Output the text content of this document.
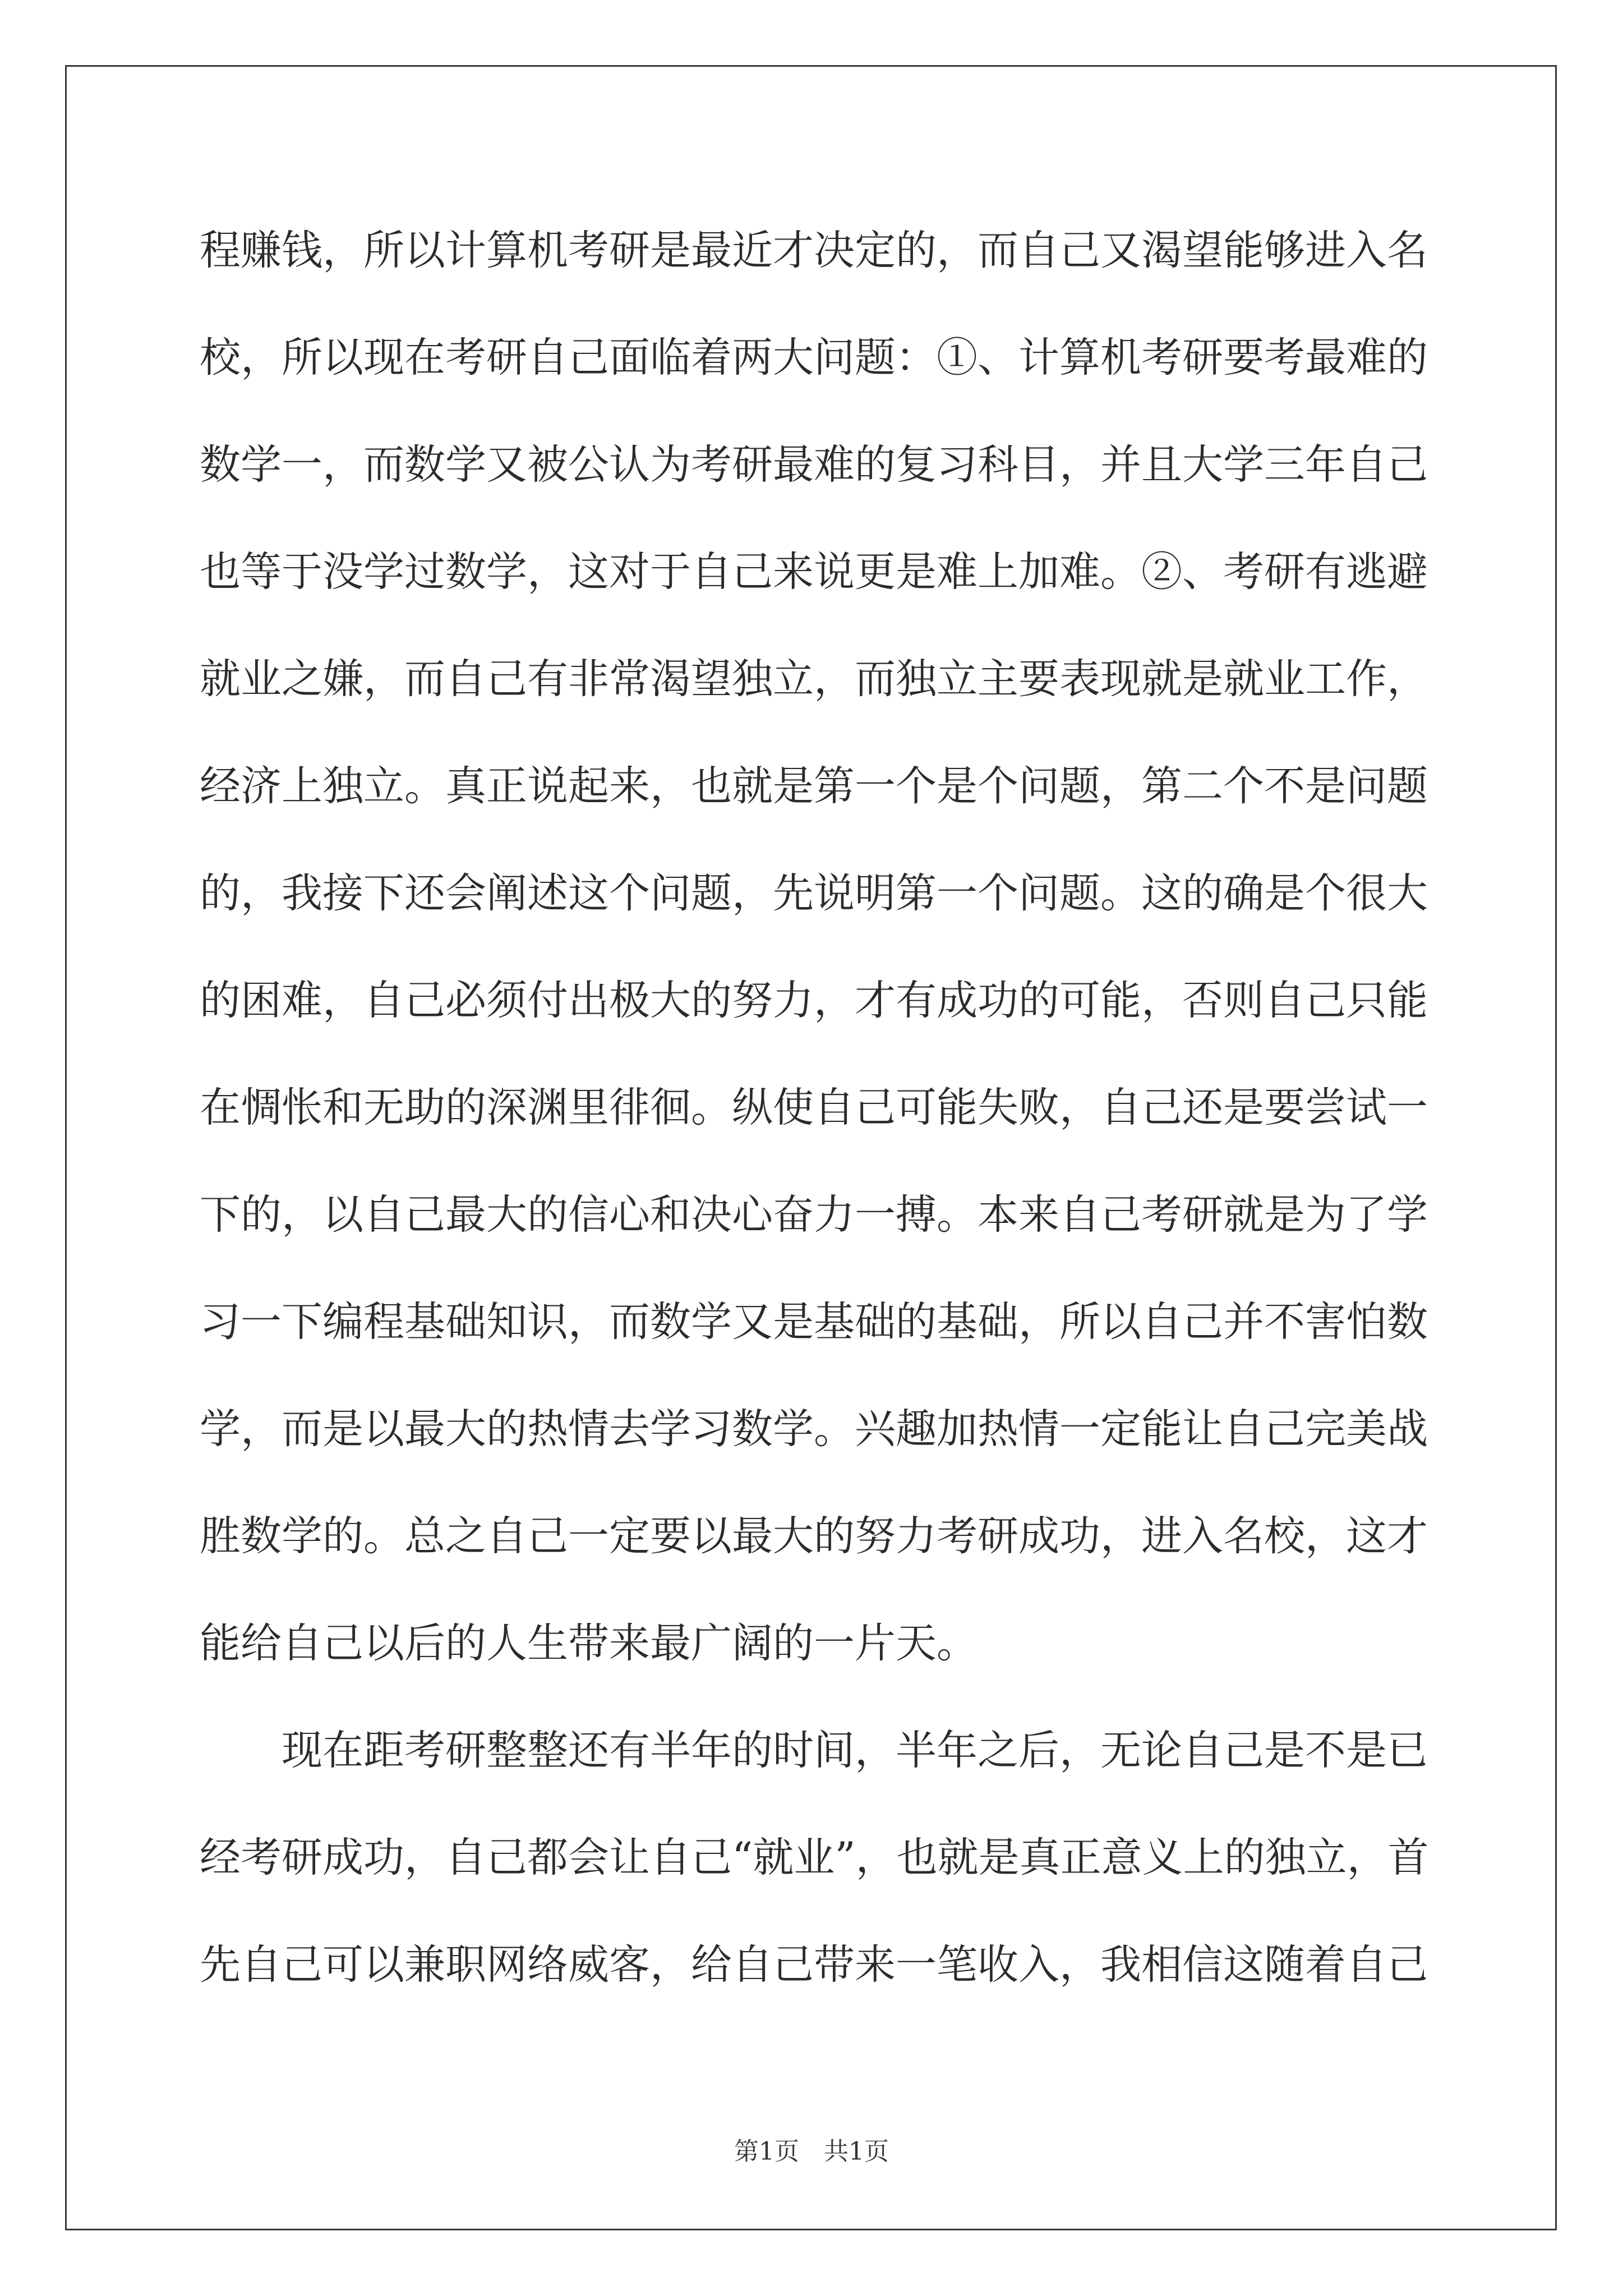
程赚钱，所以计算机考研是最近才决定的，而自己又渴望能够进入名
校，所以现在考研自己面临着两大问题：①、计算机考研要考最难的
数学一，而数学又被公认为考研最难的复习科目，并且大学三年自己
也等于没学过数学，这对于自己来说更是难上加难。②、考研有逃避
就业之嫌，而自己有非常渴望独立，而独立主要表现就是就业工作，
经济上独立。真正说起来，也就是第一个是个问题，第二个不是问题
的，我接下还会阐述这个问题，先说明第一个问题。这的确是个很大
的困难，自己必须付出极大的努力，才有成功的可能，否则自己只能
在惆怅和无助的深渊里徘徊。纵使自己可能失败，自己还是要尝试一
下的，以自己最大的信心和决心奋力一搏。本来自己考研就是为了学
习一下编程基础知识，而数学又是基础的基础，所以自己并不害怕数
学，而是以最大的热情去学习数学。兴趣加热情一定能让自己完美战
胜数学的。总之自己一定要以最大的努力考研成功，进入名校，这才
能给自己以后的人生带来最广阔的一片天。
现在距考研整整还有半年的时间，半年之后，无论自己是不是已
经考研成功，自己都会让自己“就业”，也就是真正意义上的独立，首
先自己可以兼职网络威客，给自己带来一笔收入，我相信这随着自己
第1页　共1页
